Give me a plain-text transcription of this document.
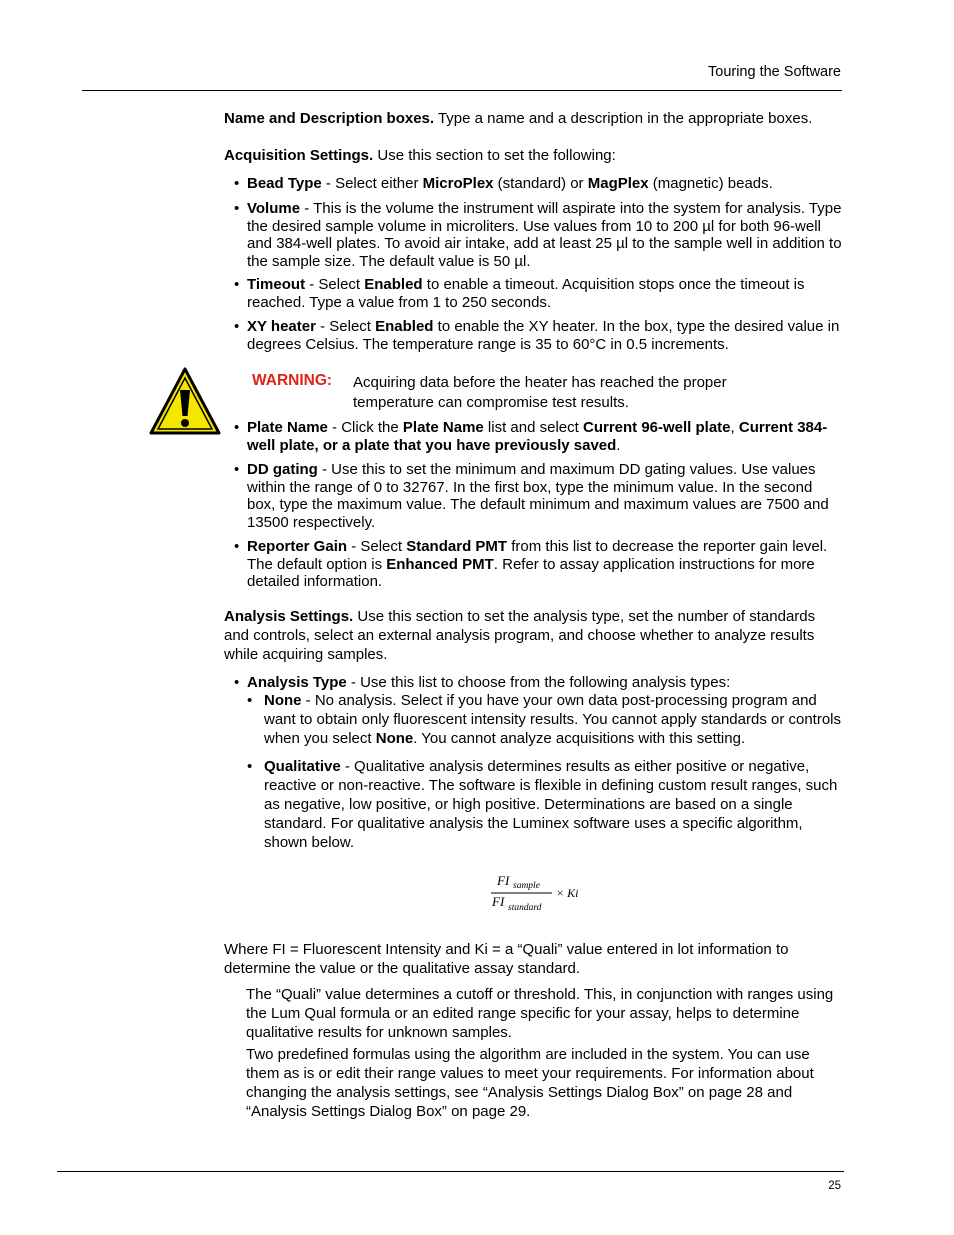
Touring the Software
Name and Description boxes. Type a name and a description in the appropriate boxes.
Acquisition Settings. Use this section to set the following:
• Bead Type - Select either MicroPlex (standard) or MagPlex (magnetic) beads.
• Volume - This is the volume the instrument will aspirate into the system for analysis. Type the desired sample volume in microliters. Use values from 10 to 200 µl for both 96-well and 384-well plates. To avoid air intake, add at least 25 µl to the sample well in addition to the sample size. The default value is 50 µl.
• Timeout - Select Enabled to enable a timeout. Acquisition stops once the timeout is reached. Type a value from 1 to 250 seconds.
• XY heater - Select Enabled to enable the XY heater. In the box, type the desired value in degrees Celsius. The temperature range is 35 to 60°C in 0.5 increments.
WARNING: Acquiring data before the heater has reached the proper temperature can compromise test results.
• Plate Name - Click the Plate Name list and select Current 96-well plate, Current 384-well plate, or a plate that you have previously saved.
• DD gating - Use this to set the minimum and maximum DD gating values. Use values within the range of 0 to 32767. In the first box, type the minimum value. In the second box, type the maximum value. The default minimum and maximum values are 7500 and 13500 respectively.
• Reporter Gain - Select Standard PMT from this list to decrease the reporter gain level. The default option is Enhanced PMT. Refer to assay application instructions for more detailed information.
Analysis Settings. Use this section to set the analysis type, set the number of standards and controls, select an external analysis program, and choose whether to analyze results while acquiring samples.
• Analysis Type - Use this list to choose from the following analysis types:
• None - No analysis. Select if you have your own data post-processing program and want to obtain only fluorescent intensity results. You cannot apply standards or controls when you select None. You cannot analyze acquisitions with this setting.
• Qualitative - Qualitative analysis determines results as either positive or negative, reactive or non-reactive. The software is flexible in defining custom result ranges, such as negative, low positive, or high positive. Determinations are based on a single standard. For qualitative analysis the Luminex software uses a specific algorithm, shown below.
FI sample
FI standard
× Ki
Where FI = Fluorescent Intensity and Ki = a “Quali” value entered in lot information to determine the value or the qualitative assay standard.
The “Quali” value determines a cutoff or threshold. This, in conjunction with ranges using the Lum Qual formula or an edited range specific for your assay, helps to determine qualitative results for unknown samples.
Two predefined formulas using the algorithm are included in the system. You can use them as is or edit their range values to meet your requirements. For information about changing the analysis settings, see “Analysis Settings Dialog Box” on page 28 and “Analysis Settings Dialog Box” on page 29.
25
